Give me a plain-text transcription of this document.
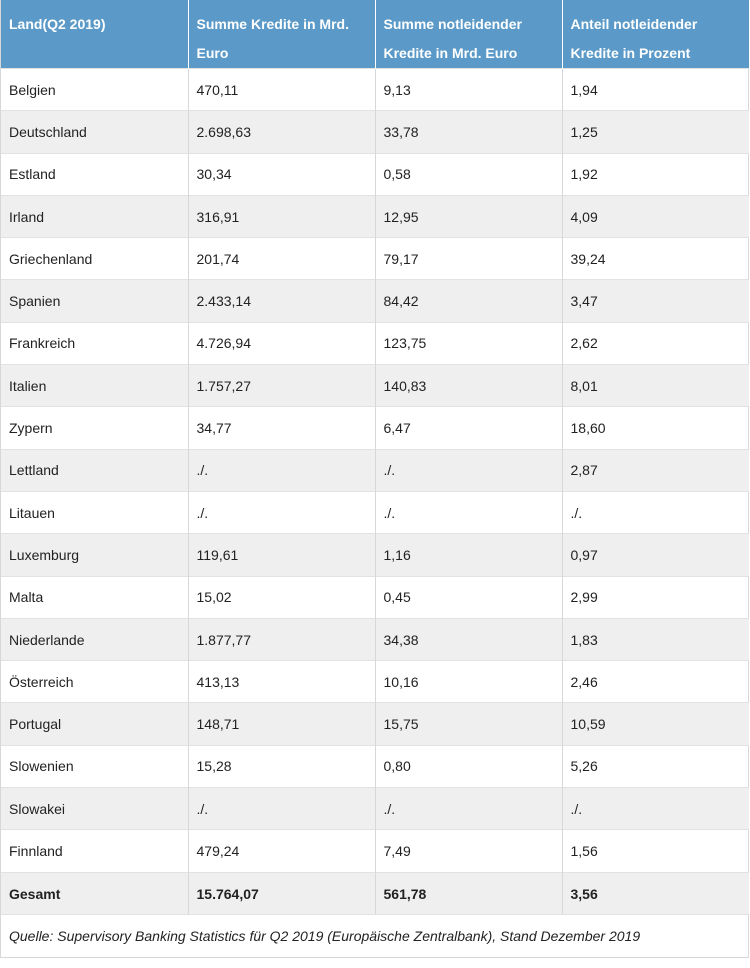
Land(Q2 2019)	Summe Kredite in Mrd. Euro	Summe notleidender Kredite in Mrd. Euro	Anteil notleidender Kredite in Prozent
Belgien	470,11	9,13	1,94
Deutschland	2.698,63	33,78	1,25
Estland	30,34	0,58	1,92
Irland	316,91	12,95	4,09
Griechenland	201,74	79,17	39,24
Spanien	2.433,14	84,42	3,47
Frankreich	4.726,94	123,75	2,62
Italien	1.757,27	140,83	8,01
Zypern	34,77	6,47	18,60
Lettland	./.	./.	2,87
Litauen	./.	./.	./.
Luxemburg	119,61	1,16	0,97
Malta	15,02	0,45	2,99
Niederlande	1.877,77	34,38	1,83
Österreich	413,13	10,16	2,46
Portugal	148,71	15,75	10,59
Slowenien	15,28	0,80	5,26
Slowakei	./.	./.	./.
Finnland	479,24	7,49	1,56
Gesamt	15.764,07	561,78	3,56
Quelle: Supervisory Banking Statistics für Q2 2019 (Europäische Zentralbank), Stand Dezember 2019
